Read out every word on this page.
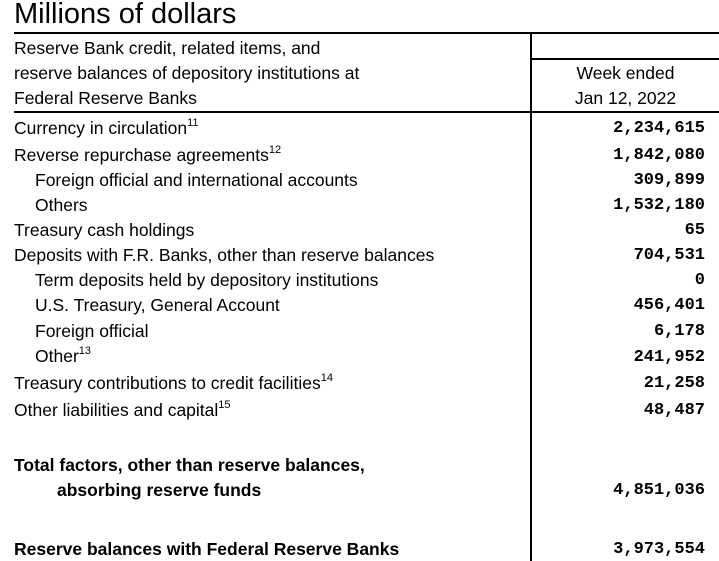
Millions of dollars
Reserve Bank credit, related items, and
reserve balances of depository institutions at
Federal Reserve Banks
Week ended
Jan 12, 2022
Currency in circulation$^{11}$	2,234,615
Reverse repurchase agreements$^{12}$	1,842,080
Foreign official and international accounts	309,899
Others	1,532,180
Treasury cash holdings	65
Deposits with F.R. Banks, other than reserve balances	704,531
Term deposits held by depository institutions	0
U.S. Treasury, General Account	456,401
Foreign official	6,178
Other$^{13}$	241,952
Treasury contributions to credit facilities$^{14}$	21,258
Other liabilities and capital$^{15}$	48,487
Total factors, other than reserve balances,
absorbing reserve funds	4,851,036
Reserve balances with Federal Reserve Banks	3,973,554
